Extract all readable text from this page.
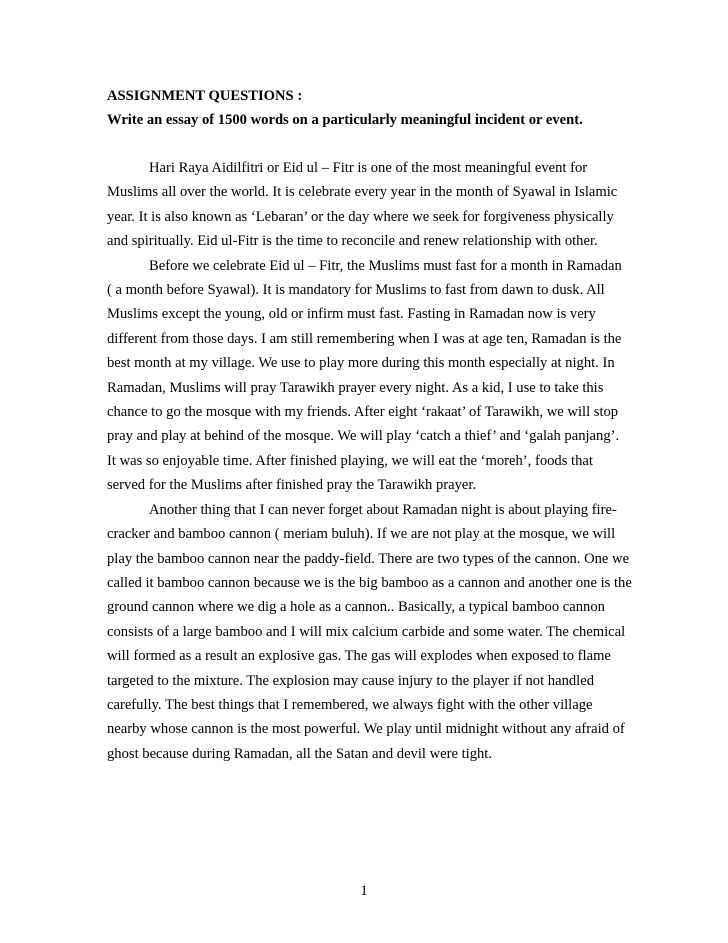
ASSIGNMENT QUESTIONS :
Write an essay of 1500 words on a particularly meaningful incident or event.
Hari Raya Aidilfitri or Eid ul – Fitr is one of the most meaningful event for
Muslims all over the world. It is celebrate every year in the month of Syawal in Islamic
year. It is also known as ‘Lebaran’ or the day where we seek for forgiveness physically
and spiritually. Eid ul-Fitr is the time to reconcile and renew relationship with other.
Before we celebrate Eid ul – Fitr, the Muslims must fast for a month in Ramadan
( a month before Syawal). It is mandatory for Muslims to fast from dawn to dusk. All
Muslims except the young, old or infirm must fast. Fasting in Ramadan now is very
different from those days. I am still remembering when I was at age ten, Ramadan is the
best month at my village. We use to play more during this month especially at night. In
Ramadan, Muslims will pray Tarawikh prayer every night. As a kid, I use to take this
chance to go the mosque with my friends. After eight ‘rakaat’ of Tarawikh, we will stop
pray and play at behind of the mosque. We will play ‘catch a thief’ and ‘galah panjang’.
It was so enjoyable time. After finished playing, we will eat the ‘moreh’, foods that
served for the Muslims after finished pray the Tarawikh prayer.
Another thing that I can never forget about Ramadan night is about playing fire-
cracker and bamboo cannon ( meriam buluh). If we are not play at the mosque, we will
play the bamboo cannon near the paddy-field. There are two types of the cannon. One we
called it bamboo cannon because we is the big bamboo as a cannon and another one is the
ground cannon where we dig a hole as a cannon.. Basically, a typical bamboo cannon
consists of a large bamboo and I will mix calcium carbide and some water. The chemical
will formed as a result an explosive gas. The gas will explodes when exposed to flame
targeted to the mixture. The explosion may cause injury to the player if not handled
carefully. The best things that I remembered, we always fight with the other village
nearby whose cannon is the most powerful. We play until midnight without any afraid of
ghost because during Ramadan, all the Satan and devil were tight.
1
